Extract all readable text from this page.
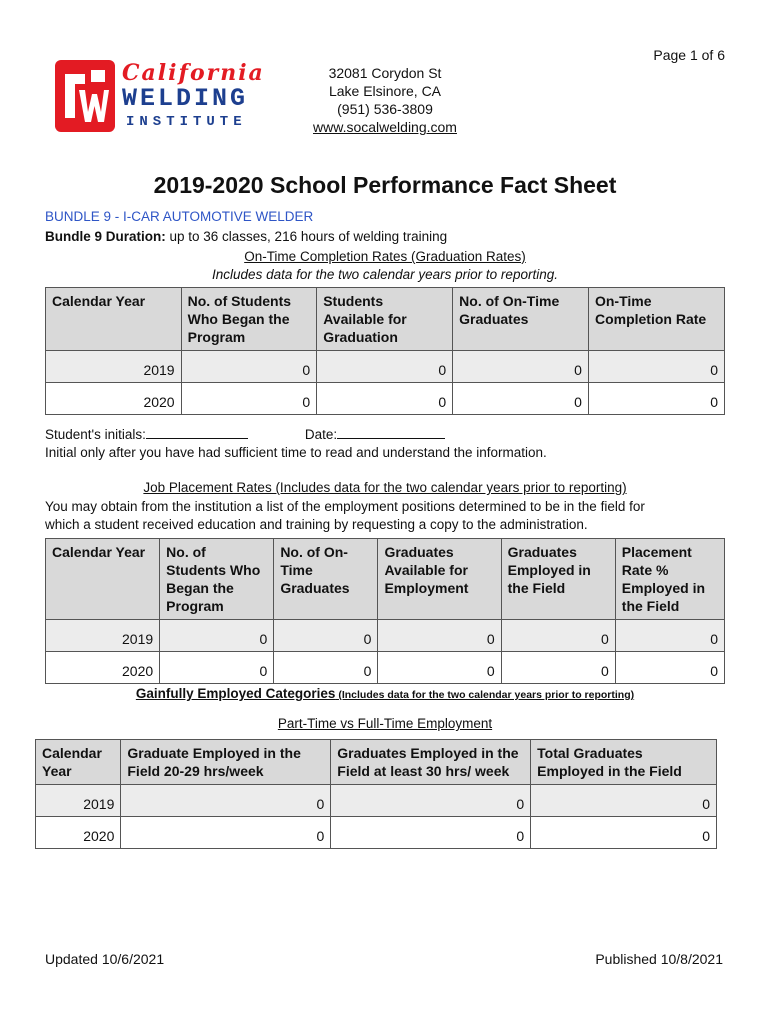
Page 1 of 6
California
WELDING
INSTITUTE
32081 Corydon St
Lake Elsinore, CA
(951) 536-3809
www.socalwelding.com
2019-2020 School Performance Fact Sheet
BUNDLE 9 - I-CAR AUTOMOTIVE WELDER
Bundle 9 Duration: up to 36 classes, 216 hours of welding training
On-Time Completion Rates (Graduation Rates)
Includes data for the two calendar years prior to reporting.
Calendar Year	No. of Students Who Began the Program	Students Available for Graduation	No. of On-Time Graduates	On-Time Completion Rate
2019	0	0	0	0
2020	0	0	0	0
Student's initials:	Date:
Initial only after you have had sufficient time to read and understand the information.
Job Placement Rates (Includes data for the two calendar years prior to reporting)
You may obtain from the institution a list of the employment positions determined to be in the field for
which a student received education and training by requesting a copy to the administration.
Calendar Year	No. of Students Who Began the Program	No. of On-Time Graduates	Graduates Available for Employment	Graduates Employed in the Field	Placement Rate % Employed in the Field
2019	0	0	0	0	0
2020	0	0	0	0	0
Gainfully Employed Categories (Includes data for the two calendar years prior to reporting)
Part-Time vs Full-Time Employment
Calendar Year	Graduate Employed in the Field 20-29 hrs/week	Graduates Employed in the Field at least 30 hrs/ week	Total Graduates Employed in the Field
2019	0	0	0
2020	0	0	0
Updated 10/6/2021	Published 10/8/2021
